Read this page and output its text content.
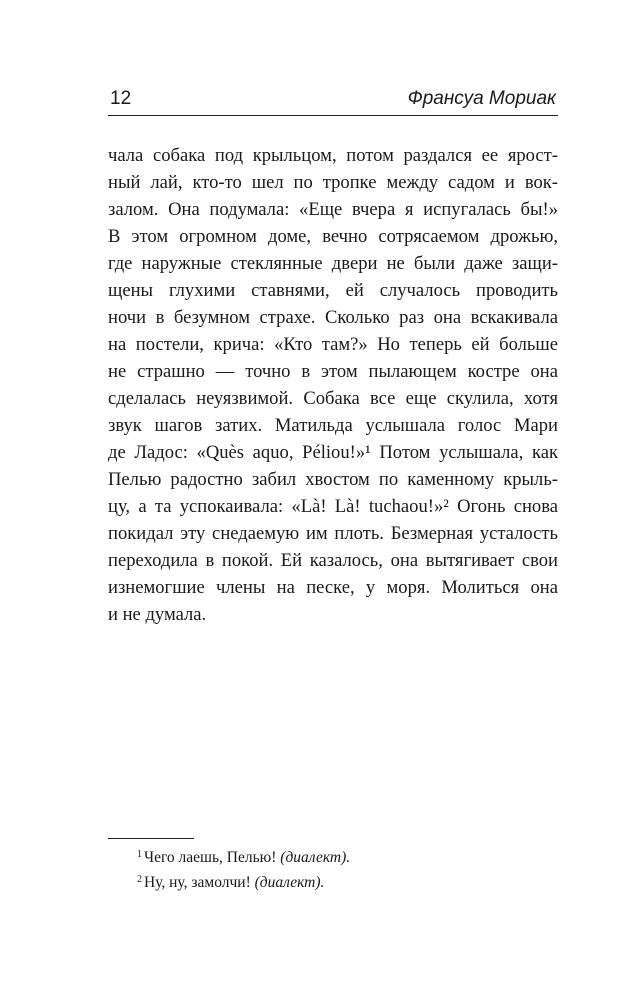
12	Франсуа Мориак
чала собака под крыльцом, потом раздался ее ярост-
ный лай, кто-то шел по тропке между садом и вок-
залом. Она подумала: «Еще вчера я испугалась бы!»
В этом огромном доме, вечно сотрясаемом дрожью,
где наружные стеклянные двери не были даже защи-
щены глухими ставнями, ей случалось проводить
ночи в безумном страхе. Сколько раз она вскакивала
на постели, крича: «Кто там?» Но теперь ей больше
не страшно — точно в этом пылающем костре она
сделалась неуязвимой. Собака все еще скулила, хотя
звук шагов затих. Матильда услышала голос Мари
де Ладос: «Quès aquo, Péliou!»¹ Потом услышала, как
Пелью радостно забил хвостом по каменному крыль-
цу, а та успокаивала: «Là! Là! tuchaou!»² Огонь снова
покидал эту снедаемую им плоть. Безмерная усталость
переходила в покой. Ей казалось, она вытягивает свои
изнемогшие члены на песке, у моря. Молиться она
и не думала.
$^1$ Чего лаешь, Пелью! (диалект).
$^2$ Ну, ну, замолчи! (диалект).
